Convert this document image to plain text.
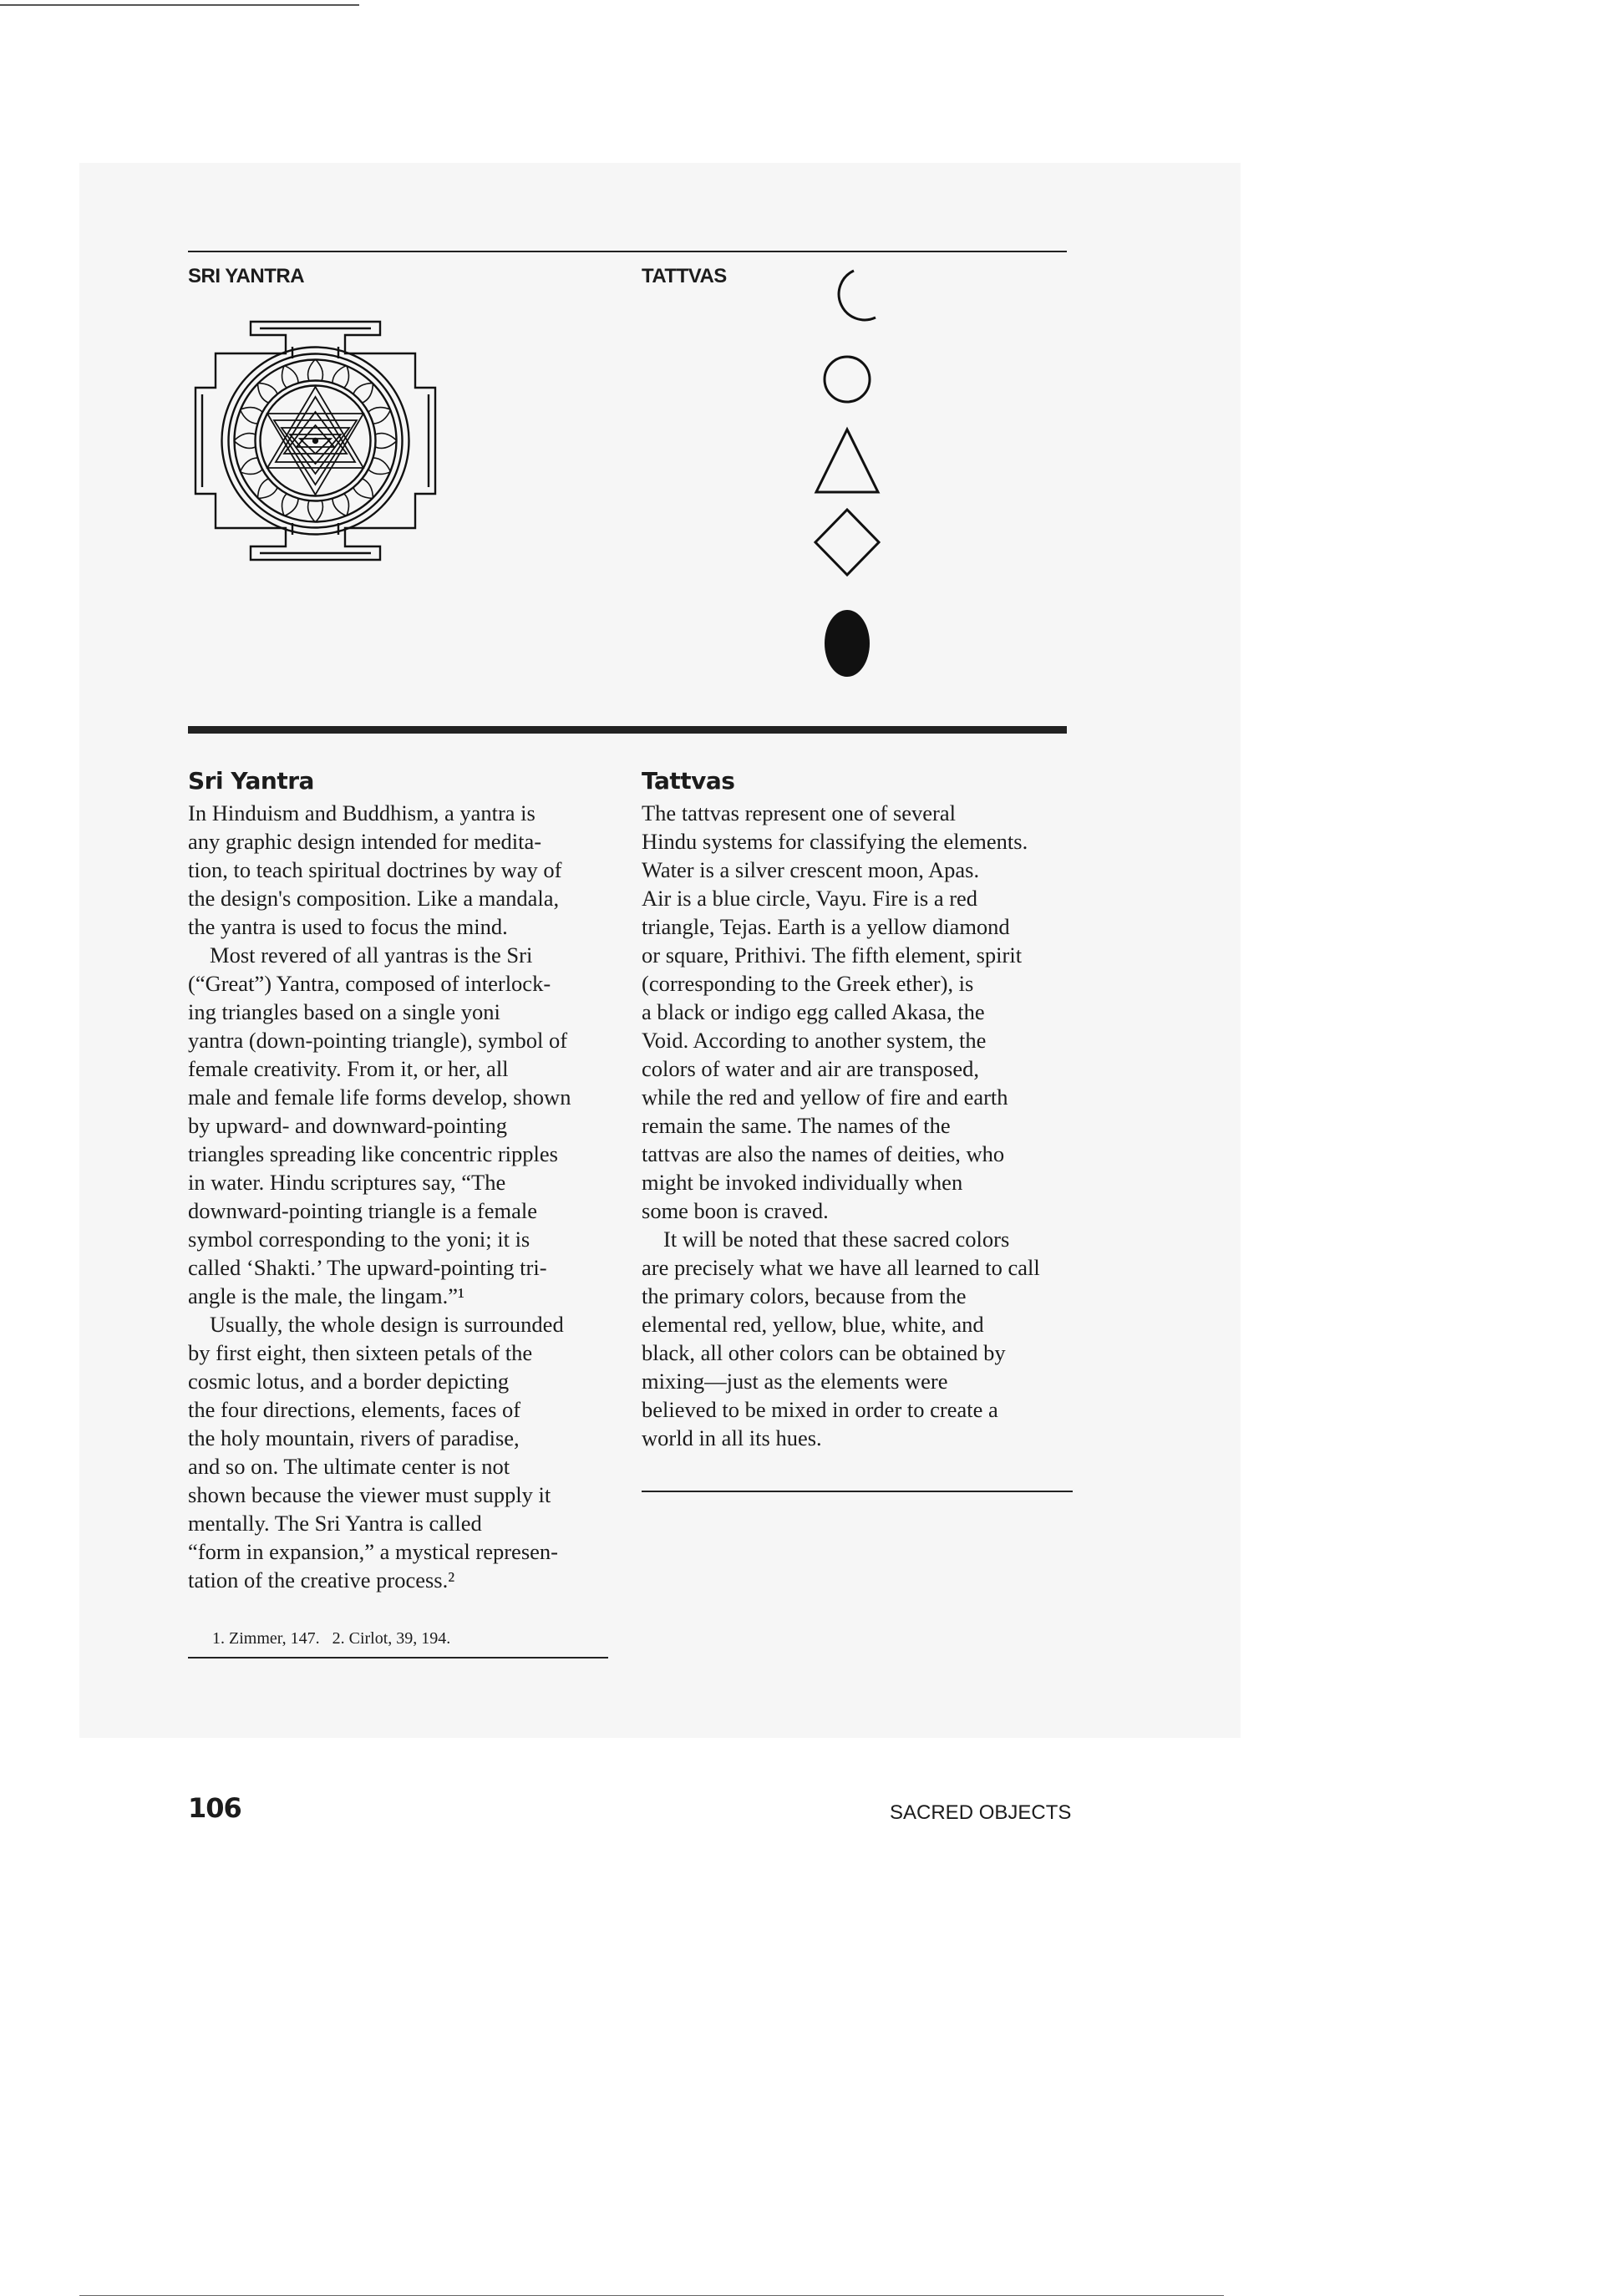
SRI YANTRA	TATTVAS
Sri Yantra
In Hinduism and Buddhism, a yantra is
any graphic design intended for medita-
tion, to teach spiritual doctrines by way of
the design's composition. Like a mandala,
the yantra is used to focus the mind.
Most revered of all yantras is the Sri
(“Great”) Yantra, composed of interlock-
ing triangles based on a single yoni
yantra (down-pointing triangle), symbol of
female creativity. From it, or her, all
male and female life forms develop, shown
by upward- and downward-pointing
triangles spreading like concentric ripples
in water. Hindu scriptures say, “The
downward-pointing triangle is a female
symbol corresponding to the yoni; it is
called ‘Shakti.’ The upward-pointing tri-
angle is the male, the lingam.”¹
Usually, the whole design is surrounded
by first eight, then sixteen petals of the
cosmic lotus, and a border depicting
the four directions, elements, faces of
the holy mountain, rivers of paradise,
and so on. The ultimate center is not
shown because the viewer must supply it
mentally. The Sri Yantra is called
“form in expansion,” a mystical represen-
tation of the creative process.²
1. Zimmer, 147.   2. Cirlot, 39, 194.
Tattvas
The tattvas represent one of several
Hindu systems for classifying the elements.
Water is a silver crescent moon, Apas.
Air is a blue circle, Vayu. Fire is a red
triangle, Tejas. Earth is a yellow diamond
or square, Prithivi. The fifth element, spirit
(corresponding to the Greek ether), is
a black or indigo egg called Akasa, the
Void. According to another system, the
colors of water and air are transposed,
while the red and yellow of fire and earth
remain the same. The names of the
tattvas are also the names of deities, who
might be invoked individually when
some boon is craved.
It will be noted that these sacred colors
are precisely what we have all learned to call
the primary colors, because from the
elemental red, yellow, blue, white, and
black, all other colors can be obtained by
mixing—just as the elements were
believed to be mixed in order to create a
world in all its hues.
106	SACRED OBJECTS
